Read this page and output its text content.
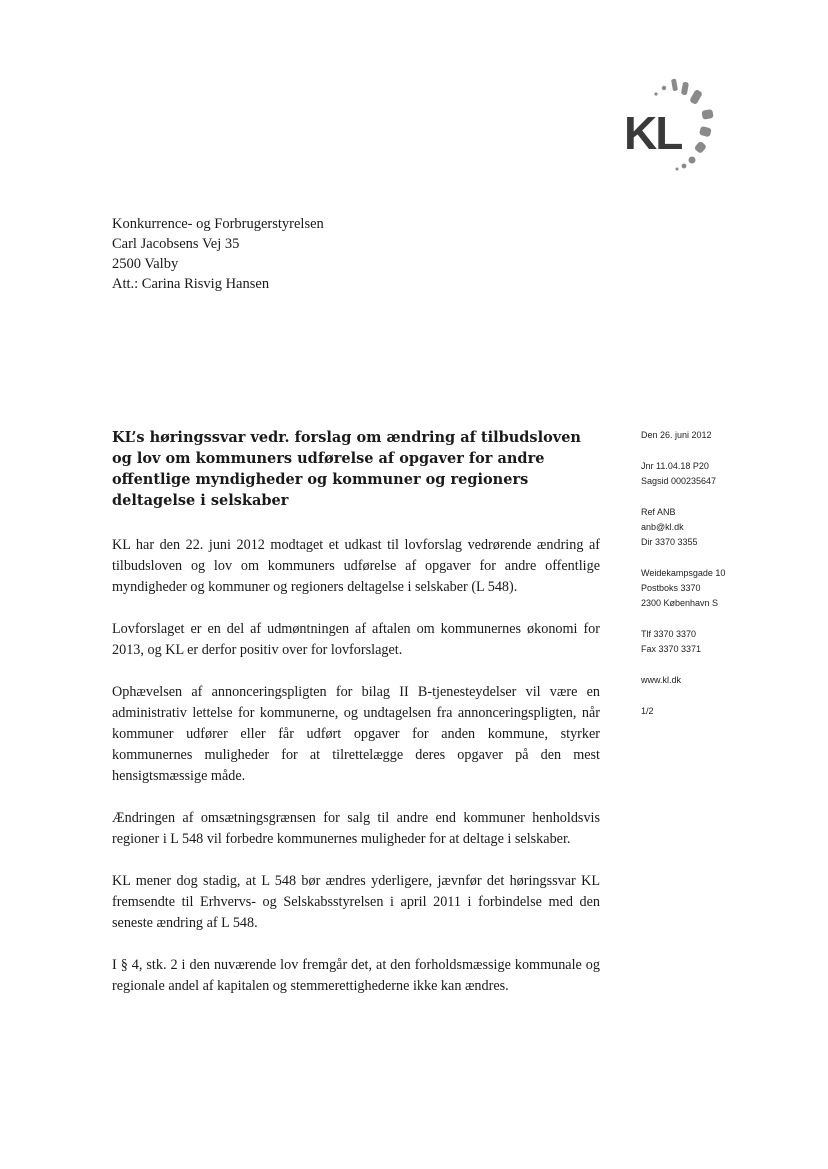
KL
Konkurrence- og Forbrugerstyrelsen
Carl Jacobsens Vej 35
2500 Valby
Att.: Carina Risvig Hansen
KL’s høringssvar vedr. forslag om ændring af tilbudsloven og lov om kommuners udførelse af opgaver for andre offentlige myndigheder og kommuner og regioners deltagelse i selskaber
Den 26. juni 2012
Jnr 11.04.18 P20
Sagsid 000235647
Ref ANB
anb@kl.dk
Dir 3370 3355
Weidekampsgade 10
Postboks 3370
2300 København S
Tlf 3370 3370
Fax 3370 3371
www.kl.dk
1/2

KL har den 22. juni 2012 modtaget et udkast til lovforslag vedrørende ændring af tilbudsloven og lov om kommuners udførelse af opgaver for andre offentlige myndigheder og kommuner og regioners deltagelse i selskaber (L 548).

Lovforslaget er en del af udmøntningen af aftalen om kommunernes økonomi for 2013, og KL er derfor positiv over for lovforslaget.

Ophævelsen af annonceringspligten for bilag II B-tjenesteydelser vil være en administrativ lettelse for kommunerne, og undtagelsen fra annonceringspligten, når kommuner udfører eller får udført opgaver for anden kommune, styrker kommunernes muligheder for at tilrettelægge deres opgaver på den mest hensigtsmæssige måde.

Ændringen af omsætningsgrænsen for salg til andre end kommuner henholdsvis regioner i L 548 vil forbedre kommunernes muligheder for at deltage i selskaber.

KL mener dog stadig, at L 548 bør ændres yderligere, jævnfør det høringssvar KL fremsendte til Erhvervs- og Selskabsstyrelsen i april 2011 i forbindelse med den seneste ændring af L 548.

I § 4, stk. 2 i den nuværende lov fremgår det, at den forholdsmæssige kommunale og regionale andel af kapitalen og stemmerettighederne ikke kan ændres.
